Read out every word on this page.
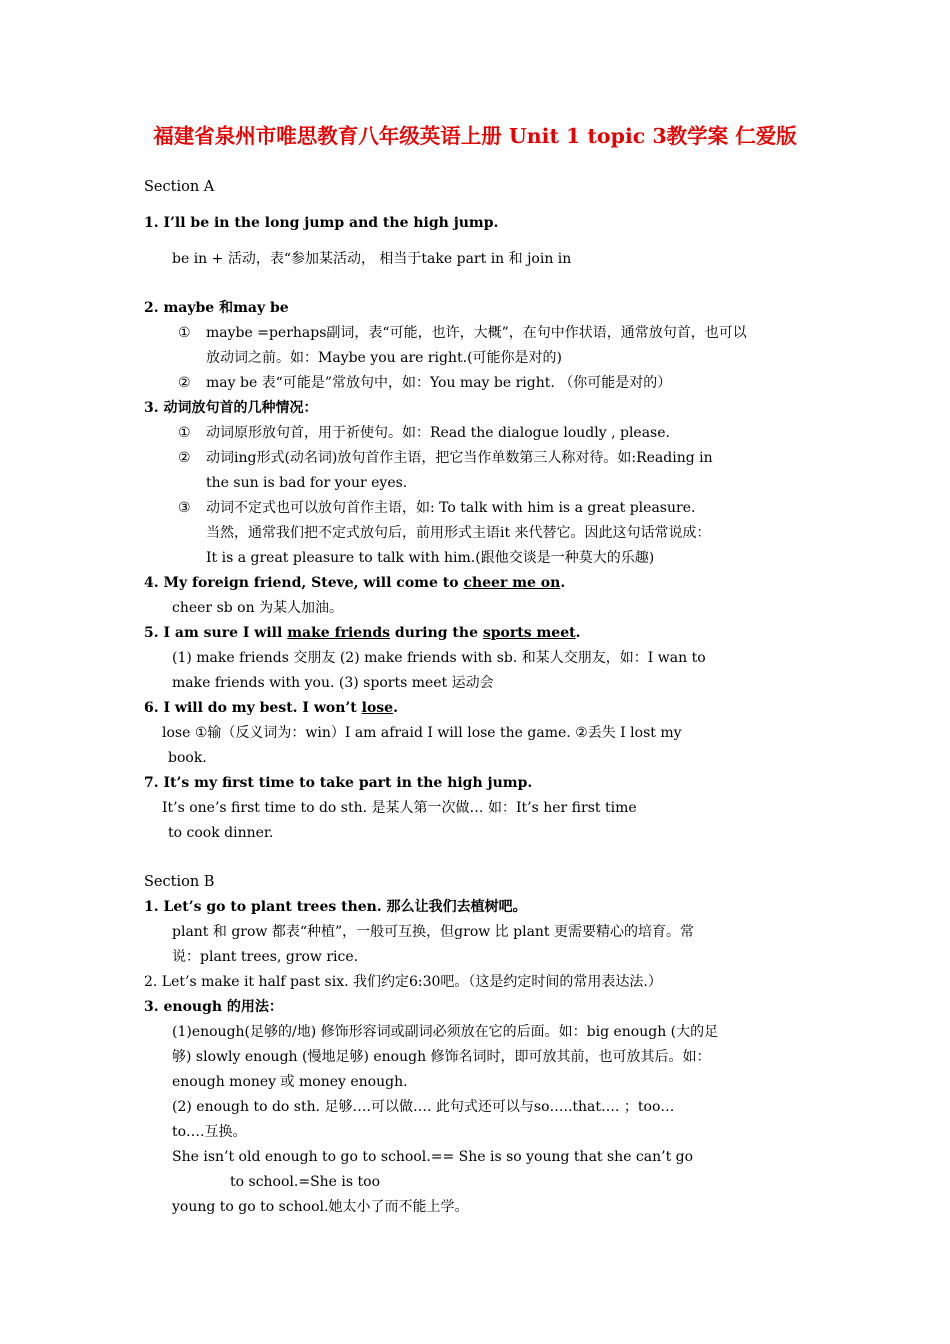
福建省泉州市唯思教育八年级英语上册 Unit 1 topic 3教学案 仁爱版
Section A
1. I’ll be in the long jump and the high jump.
be in + 活动，表“参加某活动， 相当于take part in 和 join in
2. maybe 和may be
① maybe =perhaps副词，表“可能，也许，大概”，在句中作状语，通常放句首，也可以
放动词之前。如：Maybe you are right.(可能你是对的)
② may be 表“可能是”常放句中，如：You may be right. （你可能是对的）
3. 动词放句首的几种情况：
① 动词原形放句首，用于祈使句。如：Read the dialogue loudly , please.
② 动词ing形式(动名词)放句首作主语，把它当作单数第三人称对待。如:Reading in
the sun is bad for your eyes.
③ 动词不定式也可以放句首作主语，如: To talk with him is a great pleasure.
当然，通常我们把不定式放句后，前用形式主语it 来代替它。因此这句话常说成：
It is a great pleasure to talk with him.(跟他交谈是一种莫大的乐趣)
4. My foreign friend, Steve, will come to cheer me on.
cheer sb on 为某人加油。
5. I am sure I will make friends during the sports meet.
(1) make friends 交朋友 (2) make friends with sb. 和某人交朋友，如：I wan to
make friends with you. (3) sports meet 运动会
6. I will do my best. I won’t lose.
lose ①输（反义词为：win）I am afraid I will lose the game. ②丢失 I lost my
book.
7. It’s my first time to take part in the high jump.
It’s one’s first time to do sth. 是某人第一次做… 如：It’s her first time
to cook dinner.
Section B
1. Let’s go to plant trees then. 那么让我们去植树吧。
plant 和 grow 都表“种植”，一般可互换，但grow 比 plant 更需要精心的培育。常
说：plant trees, grow rice.
2. Let’s make it half past six. 我们约定6:30吧。（这是约定时间的常用表达法.）
3. enough 的用法：
(1)enough(足够的/地) 修饰形容词或副词必须放在它的后面。如：big enough (大的足
够) slowly enough (慢地足够) enough 修饰名词时，即可放其前，也可放其后。如：
enough money 或 money enough.
(2) enough to do sth. 足够….可以做…. 此句式还可以与so…..that…. ；too…
to….互换。
She isn’t old enough to go to school.== She is so young that she can’t go
to school.=She is too
young to go to school.她太小了而不能上学。
